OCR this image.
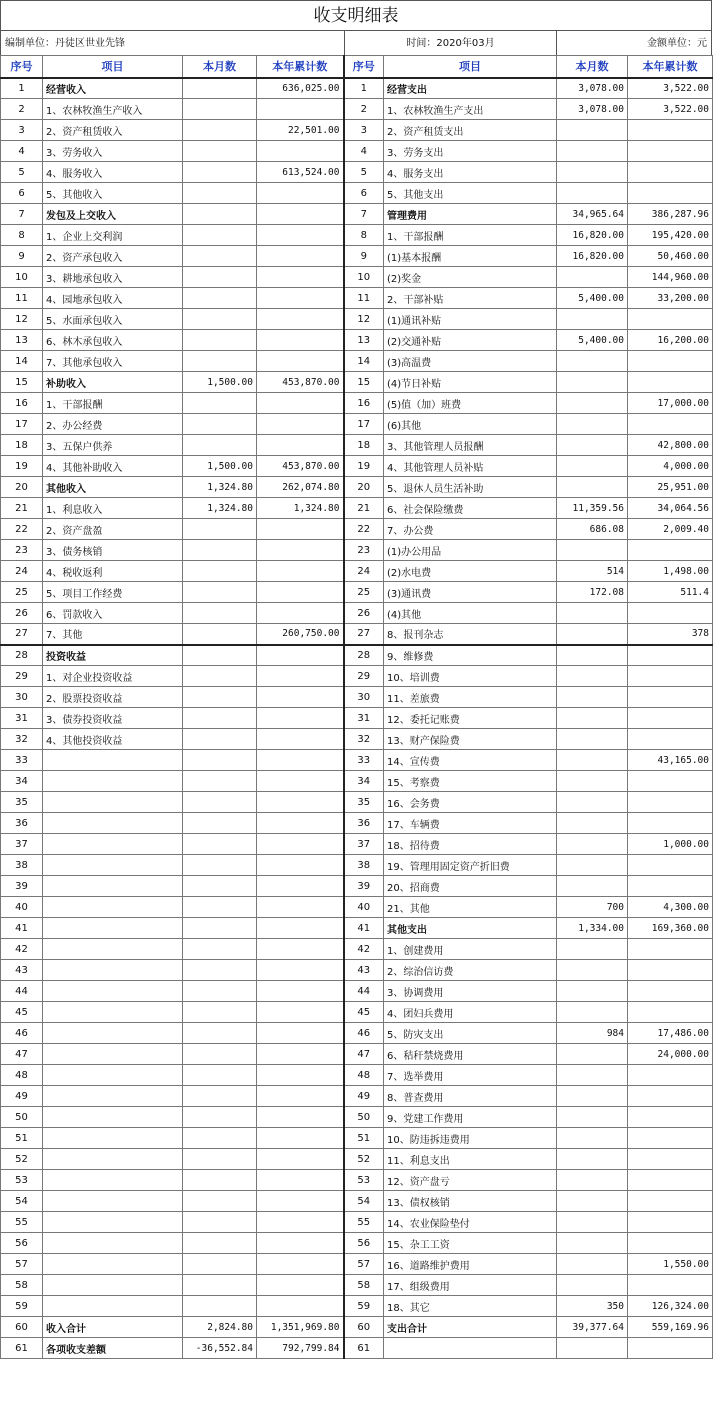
收支明细表
编制单位：丹徒区世业先锋	时间：2020年03月	金额单位：元
序号	项目	本月数	本年累计数	序号	项目	本月数	本年累计数
1	经营收入		636,025.00	1	经营支出	3,078.00	3,522.00
2	1、农林牧渔生产收入			2	1、农林牧渔生产支出	3,078.00	3,522.00
3	2、资产租赁收入		22,501.00	3	2、资产租赁支出		
4	3、劳务收入			4	3、劳务支出		
5	4、服务收入		613,524.00	5	4、服务支出		
6	5、其他收入			6	5、其他支出		
7	发包及上交收入			7	管理费用	34,965.64	386,287.96
8	1、企业上交利润			8	1、干部报酬	16,820.00	195,420.00
9	2、资产承包收入			9	(1)基本报酬	16,820.00	50,460.00
10	3、耕地承包收入			10	(2)奖金		144,960.00
11	4、园地承包收入			11	2、干部补贴	5,400.00	33,200.00
12	5、水面承包收入			12	(1)通讯补贴		
13	6、林木承包收入			13	(2)交通补贴	5,400.00	16,200.00
14	7、其他承包收入			14	(3)高温费		
15	补助收入	1,500.00	453,870.00	15	(4)节日补贴		
16	1、干部报酬			16	(5)值（加）班费		17,000.00
17	2、办公经费			17	(6)其他		
18	3、五保户供养			18	3、其他管理人员报酬		42,800.00
19	4、其他补助收入	1,500.00	453,870.00	19	4、其他管理人员补贴		4,000.00
20	其他收入	1,324.80	262,074.80	20	5、退休人员生活补助		25,951.00
21	1、利息收入	1,324.80	1,324.80	21	6、社会保险缴费	11,359.56	34,064.56
22	2、资产盘盈			22	7、办公费	686.08	2,009.40
23	3、债务核销			23	(1)办公用品		
24	4、税收返利			24	(2)水电费	514	1,498.00
25	5、项目工作经费			25	(3)通讯费	172.08	511.4
26	6、罚款收入			26	(4)其他		
27	7、其他		260,750.00	27	8、报刊杂志		378
28	投资收益			28	9、维修费		
29	1、对企业投资收益			29	10、培训费		
30	2、股票投资收益			30	11、差旅费		
31	3、债券投资收益			31	12、委托记账费		
32	4、其他投资收益			32	13、财产保险费		
33				33	14、宣传费		43,165.00
34				34	15、考察费		
35				35	16、会务费		
36				36	17、车辆费		
37				37	18、招待费		1,000.00
38				38	19、管理用固定资产折旧费		
39				39	20、招商费		
40				40	21、其他	700	4,300.00
41				41	其他支出	1,334.00	169,360.00
42				42	1、创建费用		
43				43	2、综治信访费		
44				44	3、协调费用		
45				45	4、团妇兵费用		
46				46	5、防灾支出	984	17,486.00
47				47	6、秸秆禁烧费用		24,000.00
48				48	7、选举费用		
49				49	8、普查费用		
50				50	9、党建工作费用		
51				51	10、防违拆违费用		
52				52	11、利息支出		
53				53	12、资产盘亏		
54				54	13、债权核销		
55				55	14、农业保险垫付		
56				56	15、杂工工资		
57				57	16、道路维护费用		1,550.00
58				58	17、组级费用		
59				59	18、其它	350	126,324.00
60	收入合计	2,824.80	1,351,969.80	60	支出合计	39,377.64	559,169.96
61	各项收支差额	-36,552.84	792,799.84	61			
